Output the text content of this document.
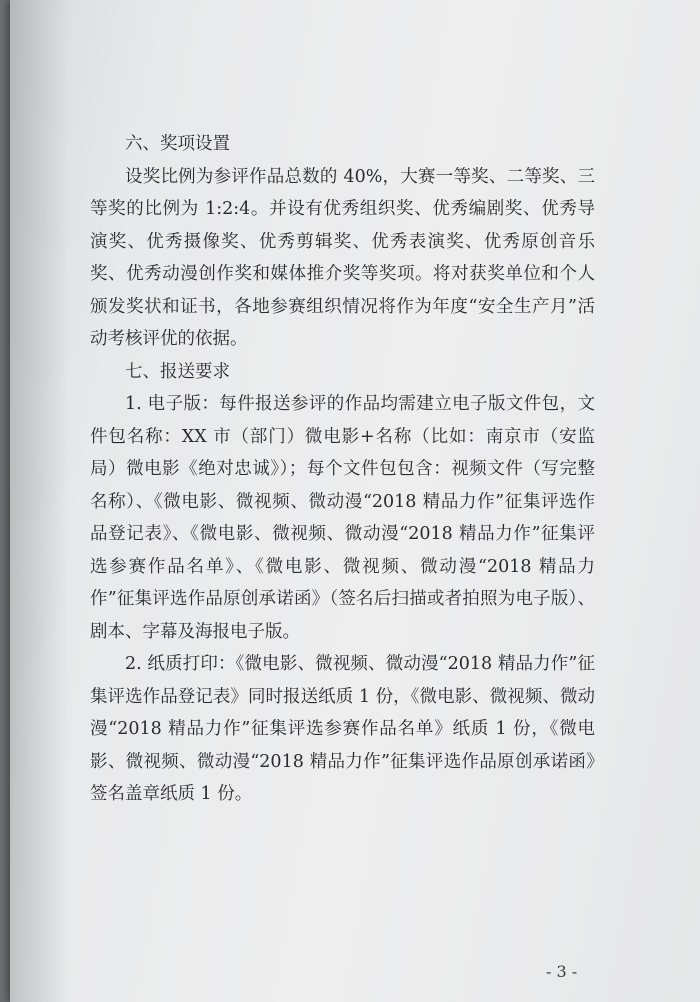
六、奖项设置

设奖比例为参评作品总数的 40%，大赛一等奖、二等奖、三等奖的比例为 1:2:4。并设有优秀组织奖、优秀编剧奖、优秀导演奖、优秀摄像奖、优秀剪辑奖、优秀表演奖、优秀原创音乐奖、优秀动漫创作奖和媒体推介奖等奖项。将对获奖单位和个人颁发奖状和证书，各地参赛组织情况将作为年度“安全生产月”活动考核评优的依据。

七、报送要求

1. 电子版：每件报送参评的作品均需建立电子版文件包，文件包名称：XX 市（部门）微电影+名称（比如：南京市（安监局）微电影《绝对忠诚》）；每个文件包包含：视频文件（写完整名称）、《微电影、微视频、微动漫“2018 精品力作”征集评选作品登记表》、《微电影、微视频、微动漫“2018 精品力作”征集评选参赛作品名单》、《微电影、微视频、微动漫“2018 精品力作”征集评选作品原创承诺函》（签名后扫描或者拍照为电子版）、剧本、字幕及海报电子版。

2. 纸质打印：《微电影、微视频、微动漫“2018 精品力作”征集评选作品登记表》同时报送纸质 1 份，《微电影、微视频、微动漫“2018 精品力作”征集评选参赛作品名单》纸质 1 份，《微电影、微视频、微动漫“2018 精品力作”征集评选作品原创承诺函》签名盖章纸质 1 份。

- 3 -
